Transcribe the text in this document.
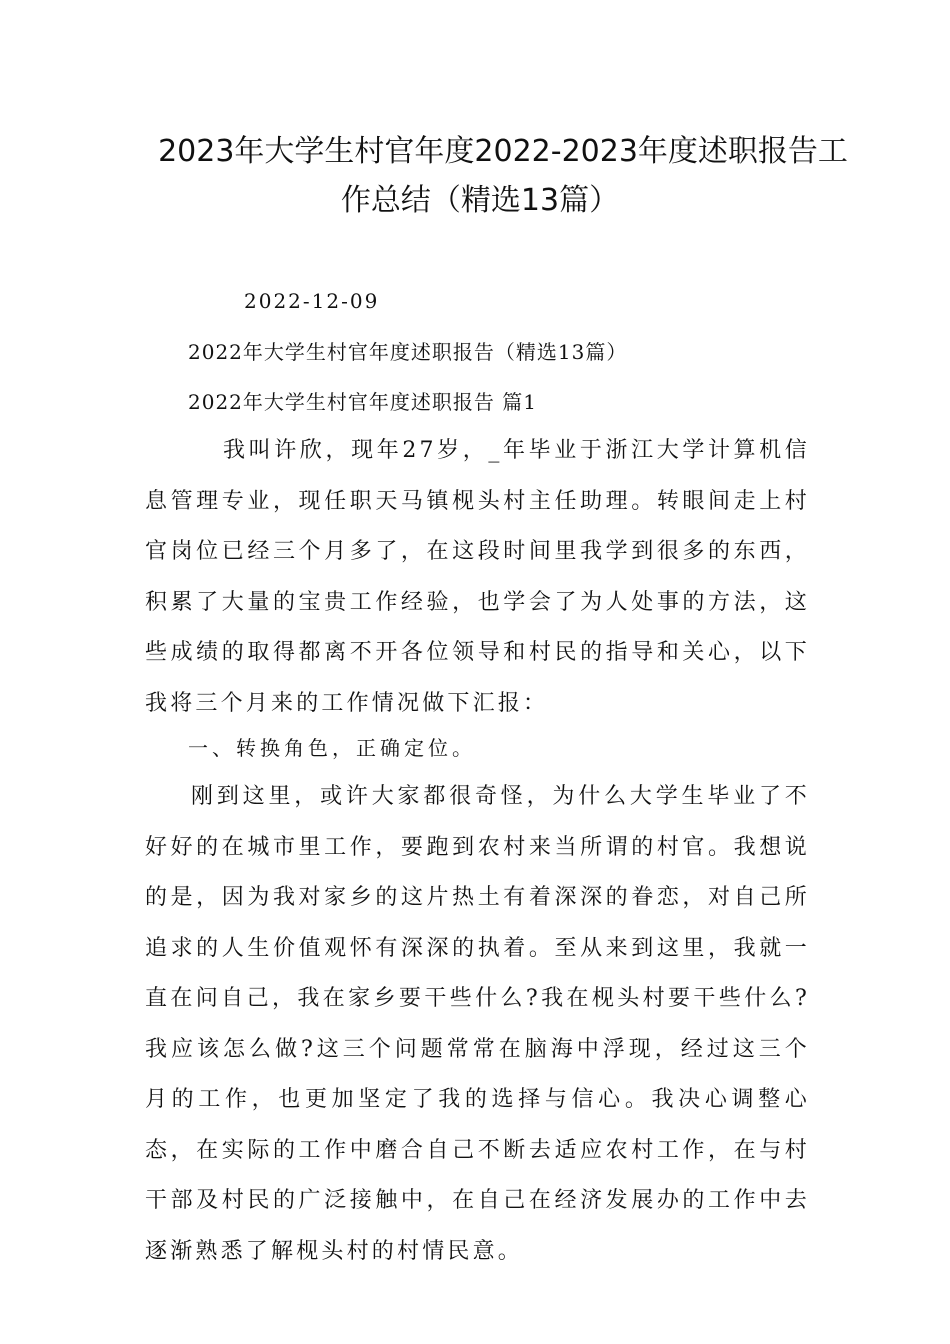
2023年大学生村官年度2022-2023年度述职报告工
作总结（精选13篇）
2022-12-09
2022年大学生村官年度述职报告（精选13篇）
2022年大学生村官年度述职报告 篇1

我叫许欣，现年27岁，_年毕业于浙江大学计算机信息管理专业，现任职天马镇枧头村主任助理。转眼间走上村官岗位已经三个月多了，在这段时间里我学到很多的东西，积累了大量的宝贵工作经验，也学会了为人处事的方法，这些成绩的取得都离不开各位领导和村民的指导和关心，以下我将三个月来的工作情况做下汇报：

一、转换角色，正确定位。

刚到这里，或许大家都很奇怪，为什么大学生毕业了不好好的在城市里工作，要跑到农村来当所谓的村官。我想说的是，因为我对家乡的这片热土有着深深的眷恋，对自己所追求的人生价值观怀有深深的执着。至从来到这里，我就一直在问自己，我在家乡要干些什么?我在枧头村要干些什么?我应该怎么做?这三个问题常常在脑海中浮现，经过这三个月的工作，也更加坚定了我的选择与信心。我决心调整心态，在实际的工作中磨合自己不断去适应农村工作，在与村干部及村民的广泛接触中，在自己在经济发展办的工作中去逐渐熟悉了解枧头村的村情民意。
